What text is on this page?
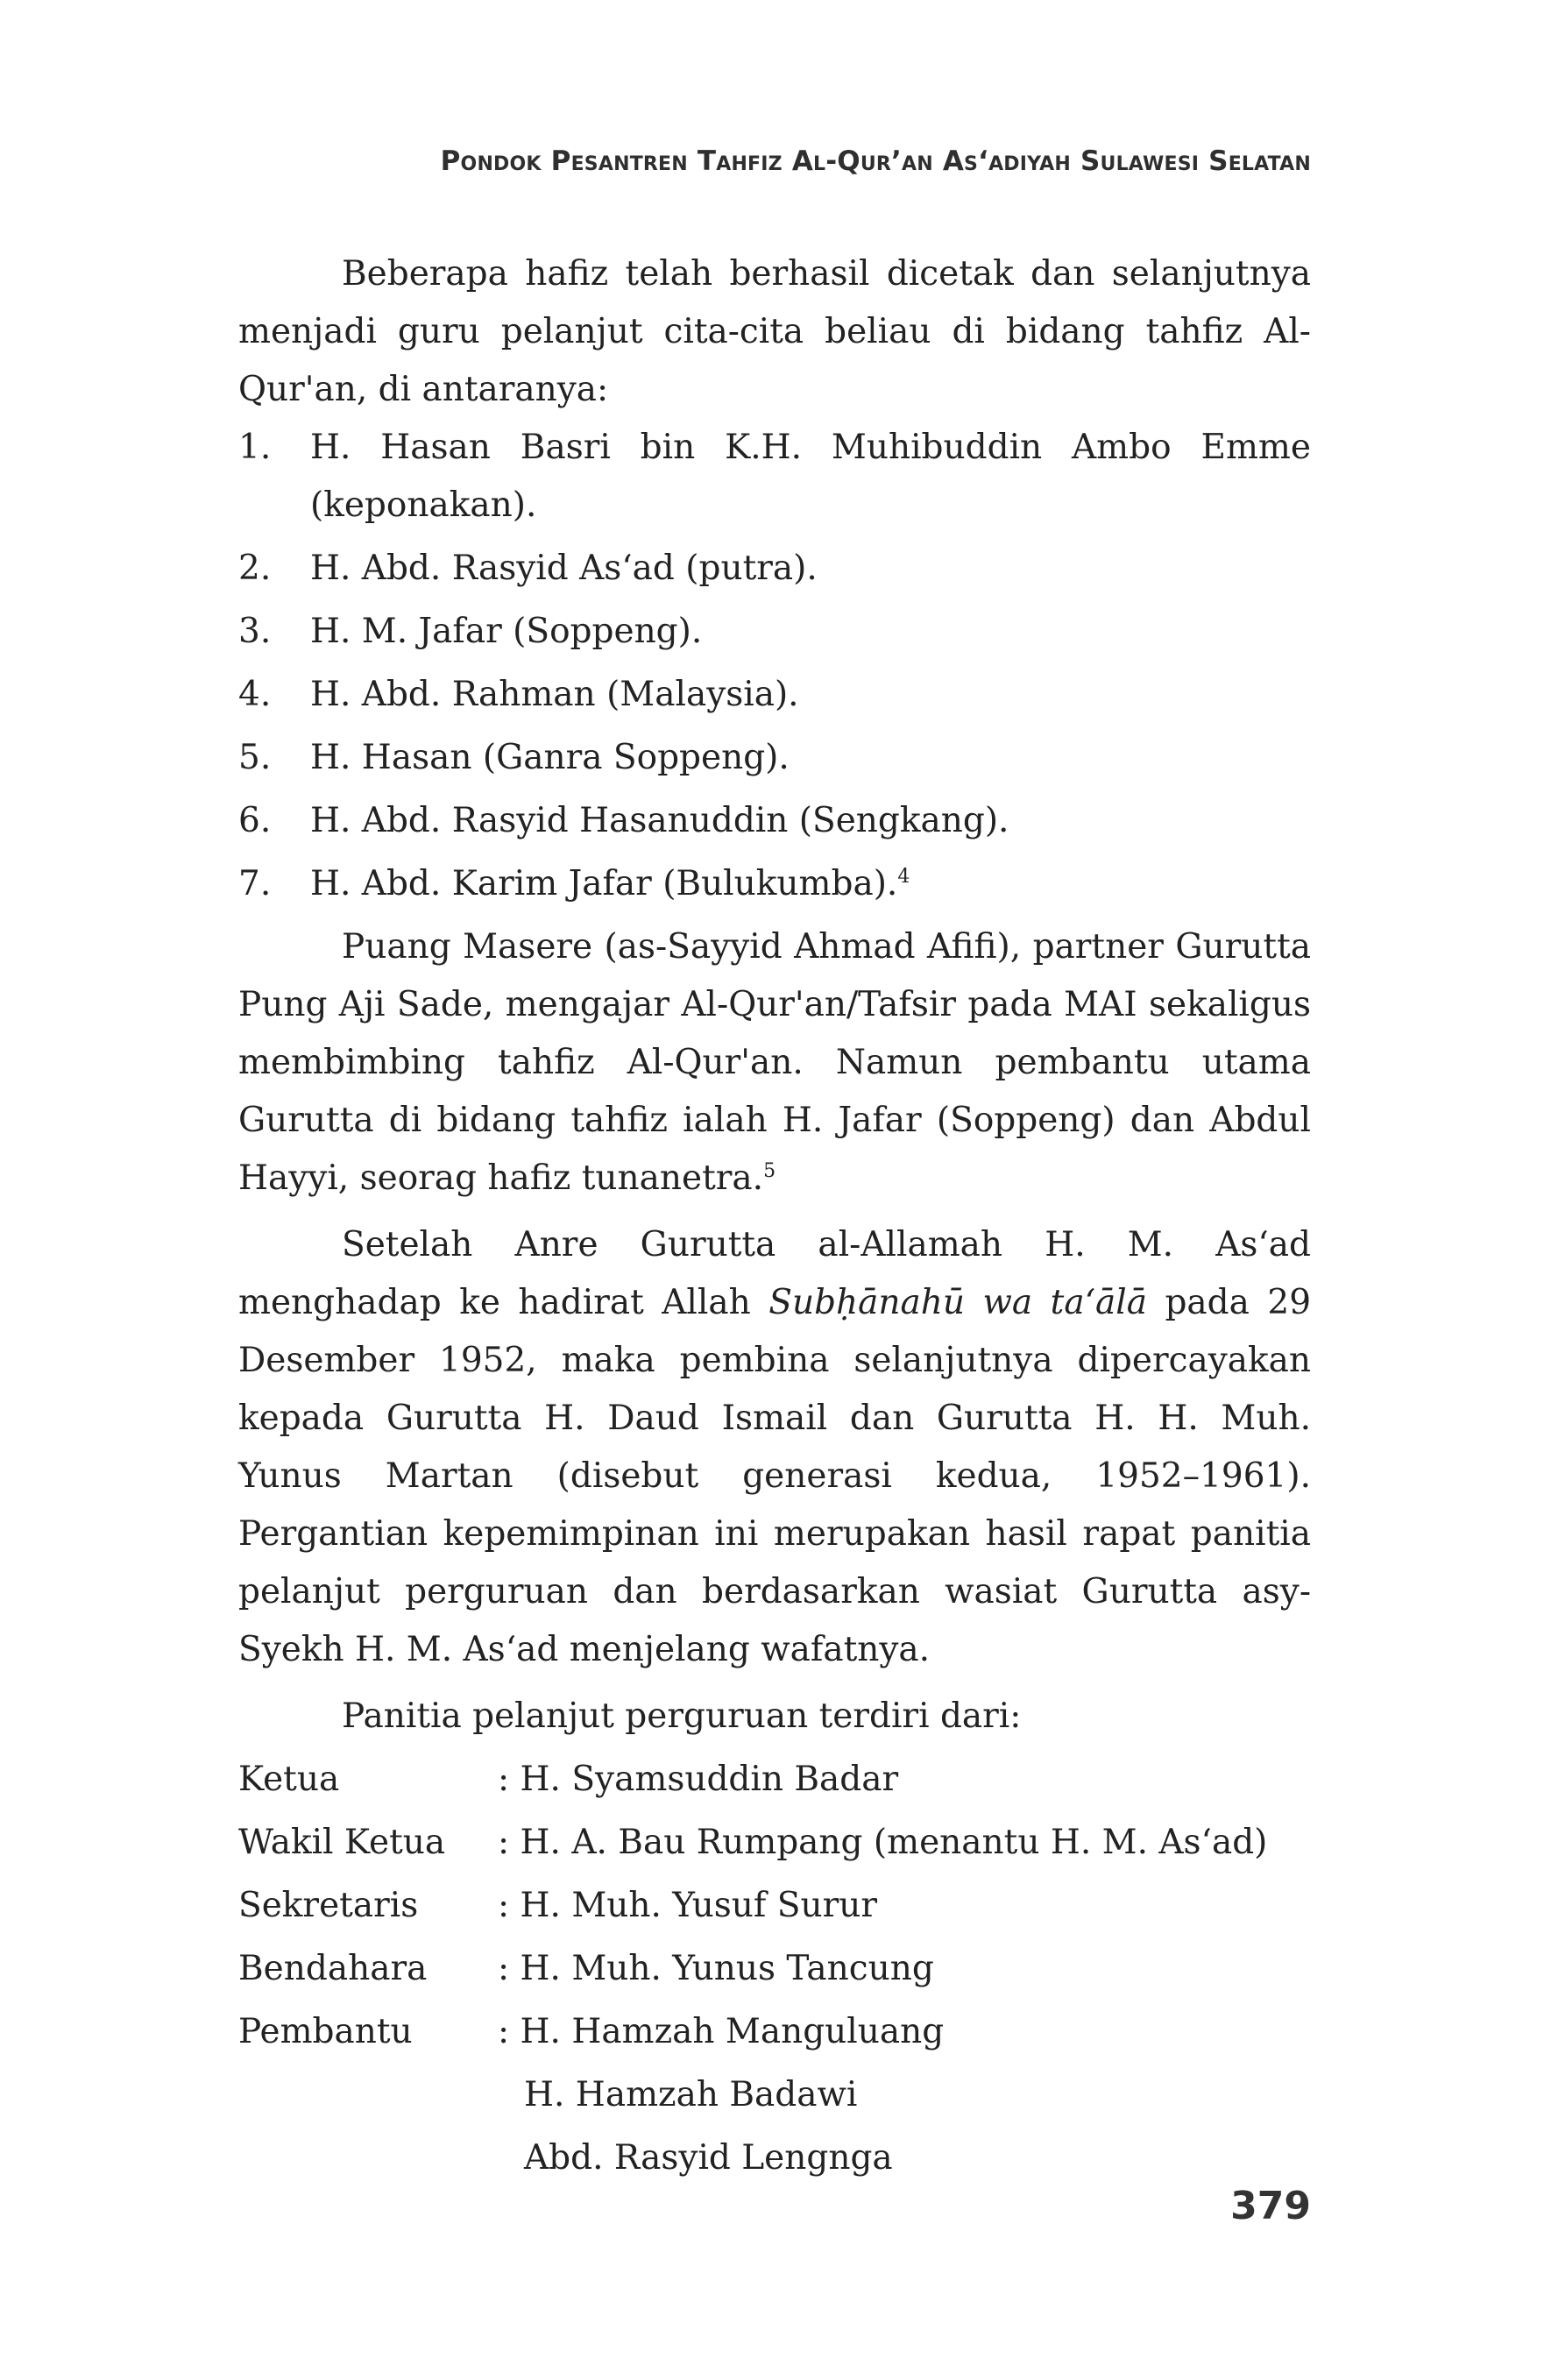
Pondok Pesantren Tahfiz Al-Qur’an As‘adiyah Sulawesi Selatan

Beberapa hafiz telah berhasil dicetak dan selanjutnya menjadi guru pelanjut cita-cita beliau di bidang tahfiz Al-Qur'an, di antaranya:

1. H. Hasan Basri bin K.H. Muhibuddin Ambo Emme (keponakan).
2. H. Abd. Rasyid As‘ad (putra).
3. H. M. Jafar (Soppeng).
4. H. Abd. Rahman (Malaysia).
5. H. Hasan (Ganra Soppeng).
6. H. Abd. Rasyid Hasanuddin (Sengkang).
7. H. Abd. Karim Jafar (Bulukumba).$^4$

Puang Masere (as-Sayyid Ahmad Afifi), partner Gurutta Pung Aji Sade, mengajar Al-Qur'an/Tafsir pada MAI sekaligus membimbing tahfiz Al-Qur'an. Namun pembantu utama Gurutta di bidang tahfiz ialah H. Jafar (Soppeng) dan Abdul Hayyi, seorag hafiz tunanetra.$^5$

Setelah Anre Gurutta al-Allamah H. M. As‘ad menghadap ke hadirat Allah Subḥānahū wa ta‘ālā pada 29 Desember 1952, maka pembina selanjutnya dipercayakan kepada Gurutta H. Daud Ismail dan Gurutta H. H. Muh. Yunus Martan (disebut generasi kedua, 1952–1961). Pergantian kepemimpinan ini merupakan hasil rapat panitia pelanjut perguruan dan berdasarkan wasiat Gurutta asy-Syekh H. M. As‘ad menjelang wafatnya.

Panitia pelanjut perguruan terdiri dari:

Ketua	: H. Syamsuddin Badar
Wakil Ketua	: H. A. Bau Rumpang (menantu H. M. As‘ad)
Sekretaris	: H. Muh. Yusuf Surur
Bendahara	: H. Muh. Yunus Tancung
Pembantu	: H. Hamzah Manguluang
H. Hamzah Badawi
Abd. Rasyid Lengnga
379
